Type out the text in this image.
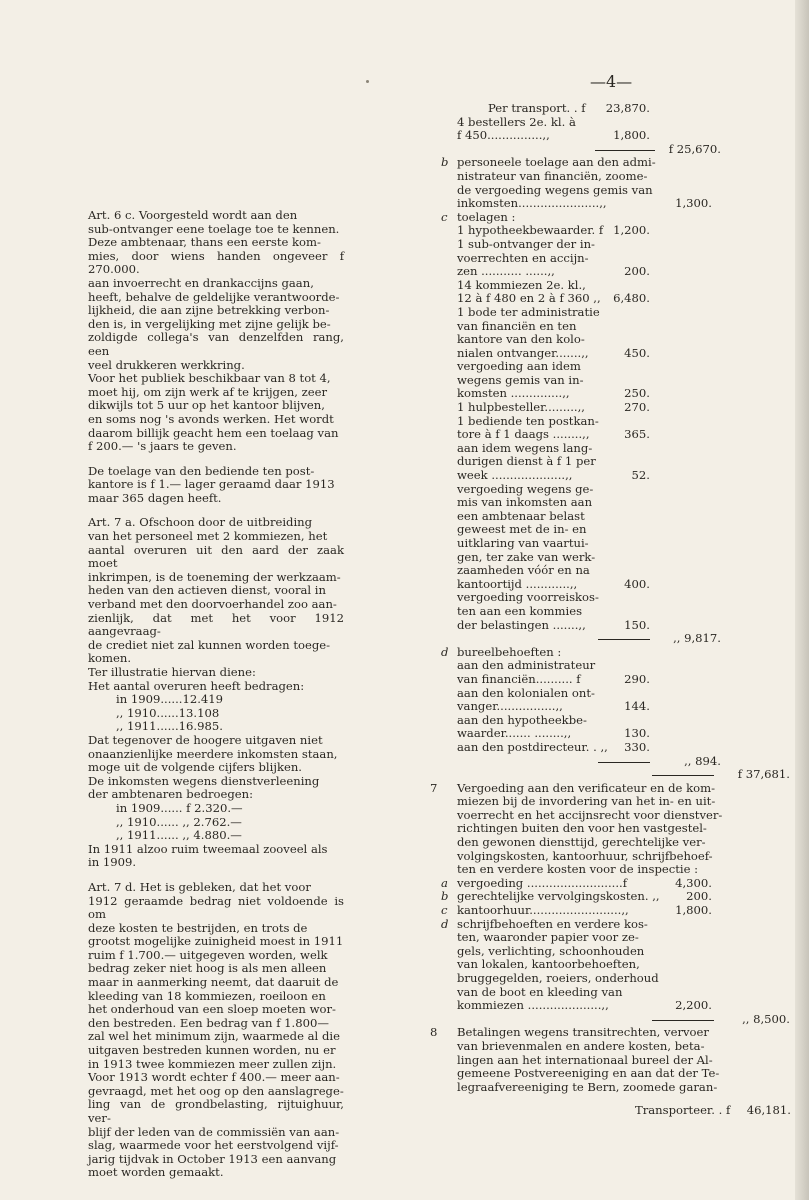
—4—

Art. 6 c. Voorgesteld wordt aan den

sub-ontvanger eene toelage toe te kennen.

Deze ambtenaar, thans een eerste kom-

mies, door wiens handen ongeveer f 270.000.

aan invoerrecht en drankaccijns gaan,

heeft, behalve de geldelijke verantwoorde-

lijkheid, die aan zijne betrekking verbon-

den is, in vergelijking met zijne gelijk be-

zoldigde collega's van denzelfden rang, een

veel drukkeren werkkring.

Voor het publiek beschikbaar van 8 tot 4,

moet hij, om zijn werk af te krijgen, zeer

dikwijls tot 5 uur op het kantoor blijven,

en soms nog 's avonds werken. Het wordt

daarom billijk geacht hem een toelaag van

f 200.— 's jaars te geven.

De toelage van den bediende ten post-

kantore is f 1.— lager geraamd daar 1913

maar 365 dagen heeft.

Art. 7 a. Ofschoon door de uitbreiding

van het personeel met 2 kommiezen, het

aantal overuren uit den aard der zaak moet

inkrimpen, is de toeneming der werkzaam-

heden van den actieven dienst, vooral in

verband met den doorvoerhandel zoo aan-

zienlijk, dat met het voor 1912 aangevraag-

de crediet niet zal kunnen worden toege-

komen.

Ter illustratie hiervan diene:

Het aantal overuren heeft bedragen:

in 1909......12.419

,, 1910......13.108

,, 1911......16.985.

Dat tegenover de hoogere uitgaven niet

onaanzienlijke meerdere inkomsten staan,

moge uit de volgende cijfers blijken.

De inkomsten wegens dienstverleening

der ambtenaren bedroegen:

in 1909...... f 2.320.—

,, 1910...... ,, 2.762.—

,, 1911...... ,, 4.880.—

In 1911 alzoo ruim tweemaal zooveel als

in 1909.

Art. 7 d. Het is gebleken, dat het voor

1912 geraamde bedrag niet voldoende is om

deze kosten te bestrijden, en trots de

grootst mogelijke zuinigheid moest in 1911

ruim f 1.700.— uitgegeven worden, welk

bedrag zeker niet hoog is als men alleen

maar in aanmerking neemt, dat daaruit de

kleeding van 18 kommiezen, roeiloon en

het onderhoud van een sloep moeten wor-

den bestreden. Een bedrag van f 1.800—

zal wel het minimum zijn, waarmede al die

uitgaven bestreden kunnen worden, nu er

in 1913 twee kommiezen meer zullen zijn.

Voor 1913 wordt echter f 400.— meer aan-

gevraagd, met het oog op den aanslagrege-

ling van de grondbelasting, rijtuighuur, ver-

blijf der leden van de commissiën van aan-

slag, waarmede voor het eerstvolgend vijf-

jarig tijdvak in October 1913 een aanvang

moet worden gemaakt.

Per transport. . f	23,870.
4 bestellers 2e. kl. à
f 450...............,,	1,800.
f 25,670.
b personeele toelage aan den admi-
nistrateur van financiën, zoome-
de vergoeding wegens gemis van
inkomsten......................,,	1,300.
c toelagen :
1 hypotheekbewaarder. f 1,200.
1 sub-ontvanger der in-
voerrechten en accijn-
zen ........... ......,,	200.
14 kommiezen 2e. kl.,
12 à f 480 en 2 à f 360 ,,	6,480.
1 bode ter administratie
van financiën en ten
kantore van den kolo-
nialen ontvanger.......,,	450.
vergoeding aan idem
wegens gemis van in-
komsten ..............,,	250.
1 hulpbesteller.........,,	270.
1 bediende ten postkan-
tore à f 1 daags ........,,	365.
aan idem wegens lang-
durigen dienst à f 1 per
week ....................,,	52.
vergoeding wegens ge-
mis van inkomsten aan
een ambtenaar belast
geweest met de in- en
uitklaring van vaartui-
gen, ter zake van werk-
zaamheden vóór en na
kantoortijd ............,,	400.
vergoeding voorreiskos-
ten aan een kommies
der belastingen .......,,	150.
,, 9,817.
d bureelbehoeften :
aan den administrateur
van financiën.......... f	290.
aan den kolonialen ont-
vanger................,,	144.
aan den hypotheekbe-
waarder....... ........,,	130.
aan den postdirecteur. . ,,	330.
,, 894.
f 37,681.
7 Vergoeding aan den verificateur en de kom-
miezen bij de invordering van het in- en uit-
voerrecht en het accijnsrecht voor dienstver-
richtingen buiten den voor hen vastgestel-
den gewonen diensttijd, gerechtelijke ver-
volgingskosten, kantoorhuur, schrijfbehoef-
ten en verdere kosten voor de inspectie :
a vergoeding ..........................f	4,300.
b gerechtelijke vervolgingskosten. ,,	200.
c kantoorhuur.........................,,	1,800.
d schrijfbehoeften en verdere kos-
ten, waaronder papier voor ze-
gels, verlichting, schoonhouden
van lokalen, kantoorbehoeften,
bruggegelden, roeiers, onderhoud
van de boot en kleeding van
kommiezen ....................,,	2,200.
,, 8,500.
8 Betalingen wegens transitrechten, vervoer
van brievenmalen en andere kosten, beta-
lingen aan het internationaal bureel der Al-
gemeene Postvereeniging en aan dat der Te-
legraafvereeniging te Bern, zoomede garan-
Transporteer. . f	46,181.
